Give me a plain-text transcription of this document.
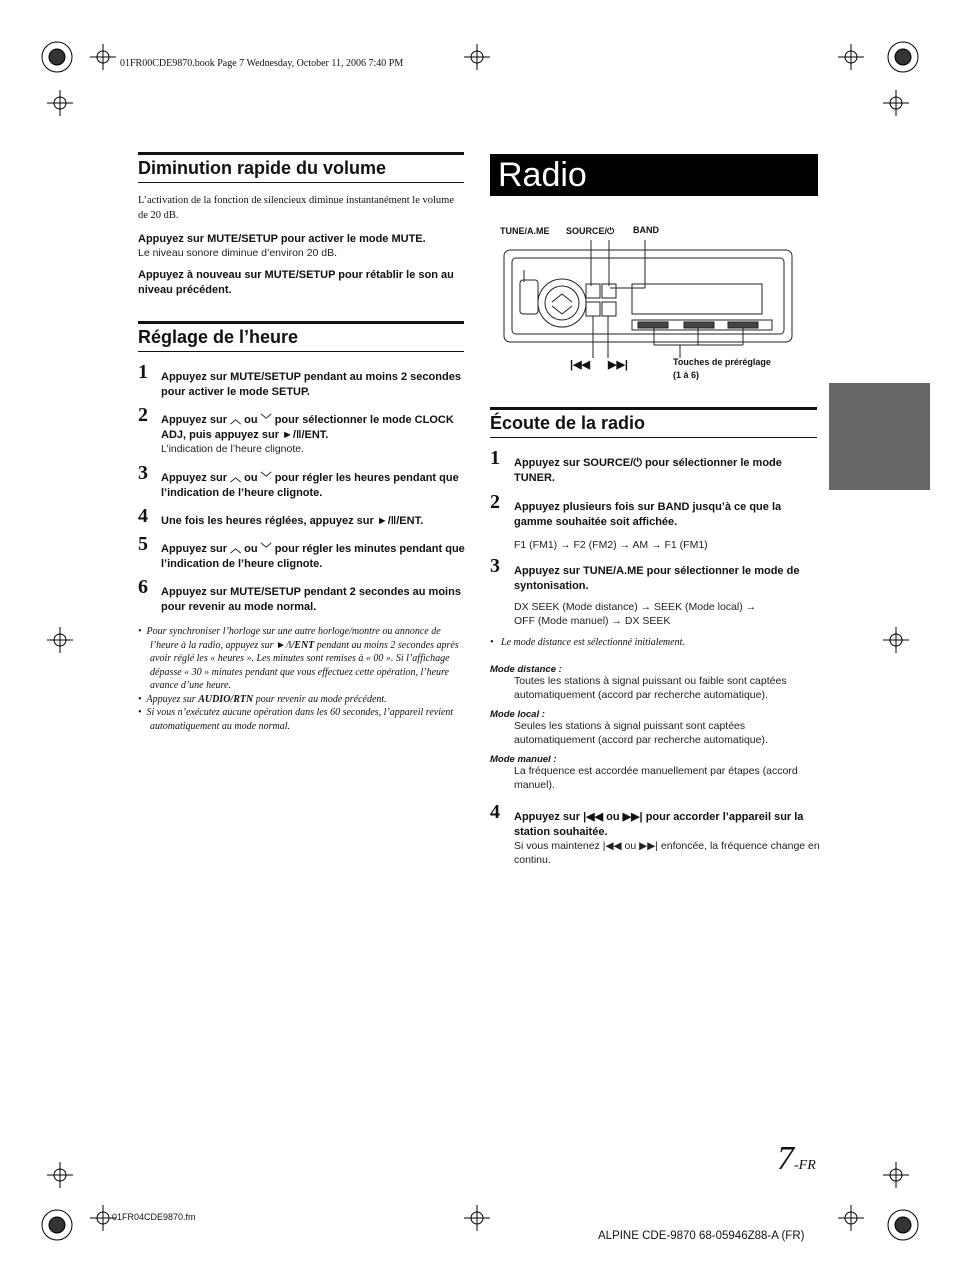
01FR00CDE9870.book Page 7 Wednesday, October 11, 2006 7:40 PM
Diminution rapide du volume
L’activation de la fonction de silencieux diminue instantanément le volume de 20 dB.
Appuyez sur MUTE/SETUP pour activer le mode MUTE.
Le niveau sonore diminue d’environ 20 dB.
Appuyez à nouveau sur MUTE/SETUP pour rétablir le son au niveau précédent.
Réglage de l’heure
1 Appuyez sur MUTE/SETUP pendant au moins 2 secondes pour activer le mode SETUP.
2 Appuyez sur ︿ ou ﹀ pour sélectionner le mode CLOCK ADJ, puis appuyez sur ►/‖/ENT.
L’indication de l’heure clignote.
3 Appuyez sur ︿ ou ﹀ pour régler les heures pendant que l’indication de l’heure clignote.
4 Une fois les heures réglées, appuyez sur ►/‖/ENT.
5 Appuyez sur ︿ ou ﹀ pour régler les minutes pendant que l’indication de l’heure clignote.
6 Appuyez sur MUTE/SETUP pendant 2 secondes au moins pour revenir au mode normal.
•  Pour synchroniser l’horloge sur une autre horloge/montre ou annonce de l’heure à la radio, appuyez sur ►/‖/ENT pendant au moins 2 secondes après avoir réglé les « heures ». Les minutes sont remises à « 00 ». Si l’affichage dépasse « 30 » minutes pendant que vous effectuez cette opération, l’heure avance d’une heure.
•  Appuyez sur AUDIO/RTN pour revenir au mode précédent.
•  Si vous n’exécutez aucune opération dans les 60 secondes, l’appareil revient automatiquement au mode normal.
Radio
TUNE/A.ME SOURCE/⏻ BAND
|◀◀ ▶▶|	Touches de préréglage
(1 à 6)
Écoute de la radio
1 Appuyez sur SOURCE/⏻ pour sélectionner le mode TUNER.
2 Appuyez plusieurs fois sur BAND jusqu’à ce que la gamme souhaitée soit affichée.
F1 (FM1) → F2 (FM2) → AM → F1 (FM1)
3 Appuyez sur TUNE/A.ME pour sélectionner le mode de syntonisation.
DX SEEK (Mode distance) → SEEK (Mode local) →
OFF (Mode manuel) → DX SEEK
•   Le mode distance est sélectionné initialement.
Mode distance :
Toutes les stations à signal puissant ou faible sont captées automatiquement (accord par recherche automatique).
Mode local :
Seules les stations à signal puissant sont captées automatiquement (accord par recherche automatique).
Mode manuel :
La fréquence est accordée manuellement par étapes (accord manuel).
4 Appuyez sur |◀◀ ou ▶▶| pour accorder l’appareil sur la station souhaitée.
Si vous maintenez |◀◀ ou ▶▶| enfoncée, la fréquence change en continu.
7-FR
01FR04CDE9870.fm
ALPINE CDE-9870 68-05946Z88-A (FR)
